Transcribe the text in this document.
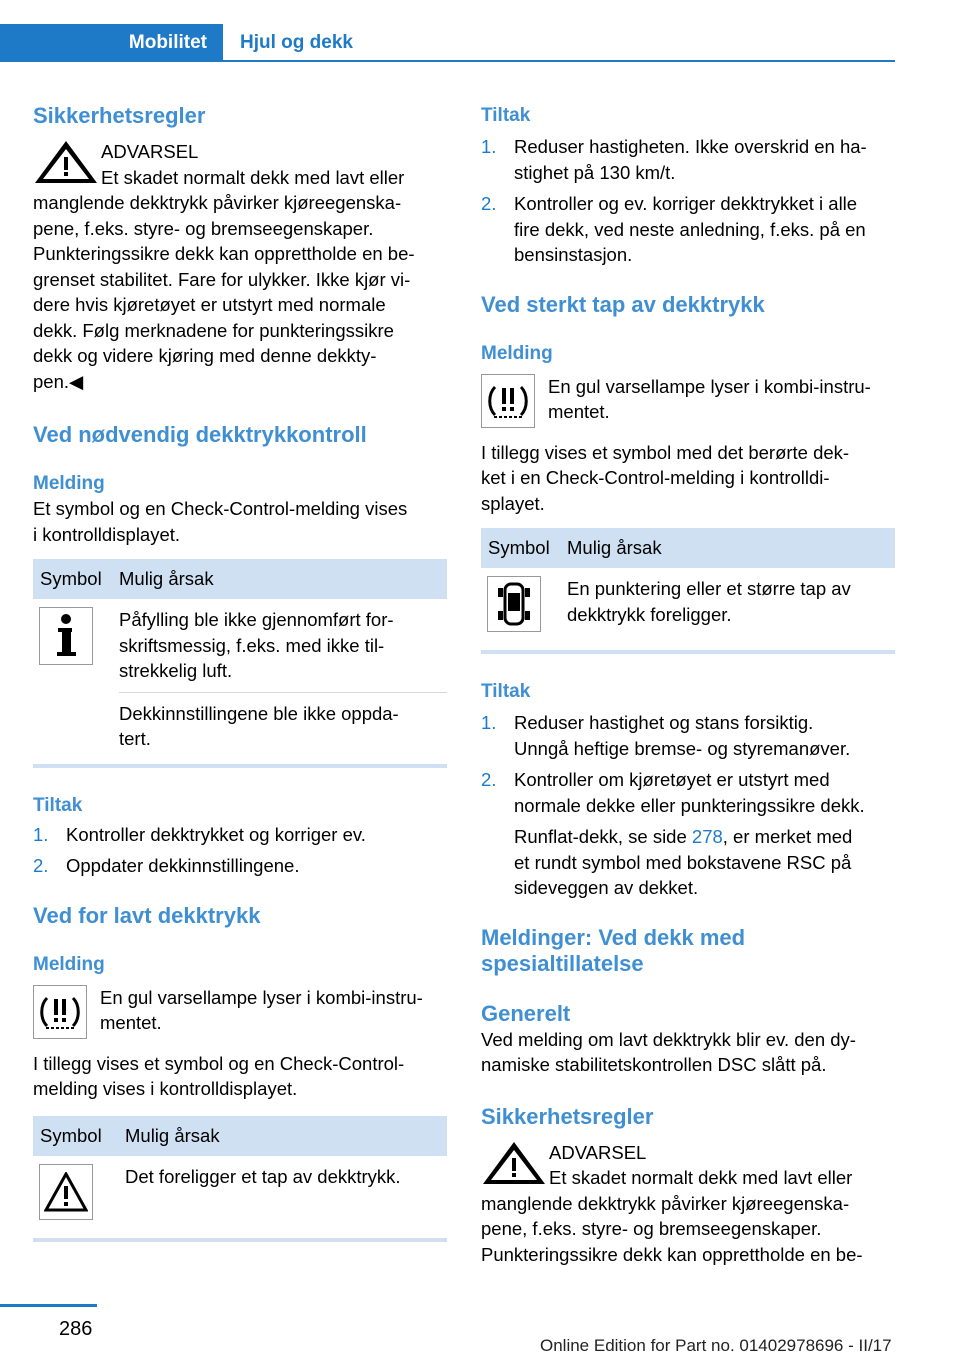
Mobilitet	Hjul og dekk
Sikkerhetsregler
ADVARSEL
Et skadet normalt dekk med lavt eller
manglende dekktrykk påvirker kjøreegenska-
pene, f.eks. styre- og bremseegenskaper.
Punkteringssikre dekk kan opprettholde en be-
grenset stabilitet. Fare for ulykker. Ikke kjør vi-
dere hvis kjøretøyet er utstyrt med normale
dekk. Følg merknadene for punkteringssikre
dekk og videre kjøring med denne dekkty-
pen.◀
Ved nødvendig dekktrykkontroll
Melding
Et symbol og en Check-Control-melding vises
i kontrolldisplayet.
Symbol Mulig årsak
Påfylling ble ikke gjennomført for-
skriftsmessig, f.eks. med ikke til-
strekkelig luft.
Dekkinnstillingene ble ikke oppda-
tert.
Tiltak
1. Kontroller dekktrykket og korriger ev.
2. Oppdater dekkinnstillingene.
Ved for lavt dekktrykk
Melding
En gul varsellampe lyser i kombi-instru-
mentet.
I tillegg vises et symbol og en Check-Control-
melding vises i kontrolldisplayet.
Symbol	Mulig årsak
Det foreligger et tap av dekktrykk.
Tiltak
1. Reduser hastigheten. Ikke overskrid en ha-
stighet på 130 km/t.
2. Kontroller og ev. korriger dekktrykket i alle
fire dekk, ved neste anledning, f.eks. på en
bensinstasjon.
Ved sterkt tap av dekktrykk
Melding
En gul varsellampe lyser i kombi-instru-
mentet.
I tillegg vises et symbol med det berørte dek-
ket i en Check-Control-melding i kontrolldi-
splayet.
Symbol Mulig årsak
En punktering eller et større tap av
dekktrykk foreligger.
Tiltak
1. Reduser hastighet og stans forsiktig.
Unngå heftige bremse- og styremanøver.
2. Kontroller om kjøretøyet er utstyrt med
normale dekke eller punkteringssikre dekk.
Runflat-dekk, se side 278, er merket med
et rundt symbol med bokstavene RSC på
sideveggen av dekket.
Meldinger: Ved dekk med
spesialtillatelse
Generelt
Ved melding om lavt dekktrykk blir ev. den dy-
namiske stabilitetskontrollen DSC slått på.
Sikkerhetsregler
ADVARSEL
Et skadet normalt dekk med lavt eller
manglende dekktrykk påvirker kjøreegenska-
pene, f.eks. styre- og bremseegenskaper.
Punkteringssikre dekk kan opprettholde en be-
286
Online Edition for Part no. 01402978696 - II/17
